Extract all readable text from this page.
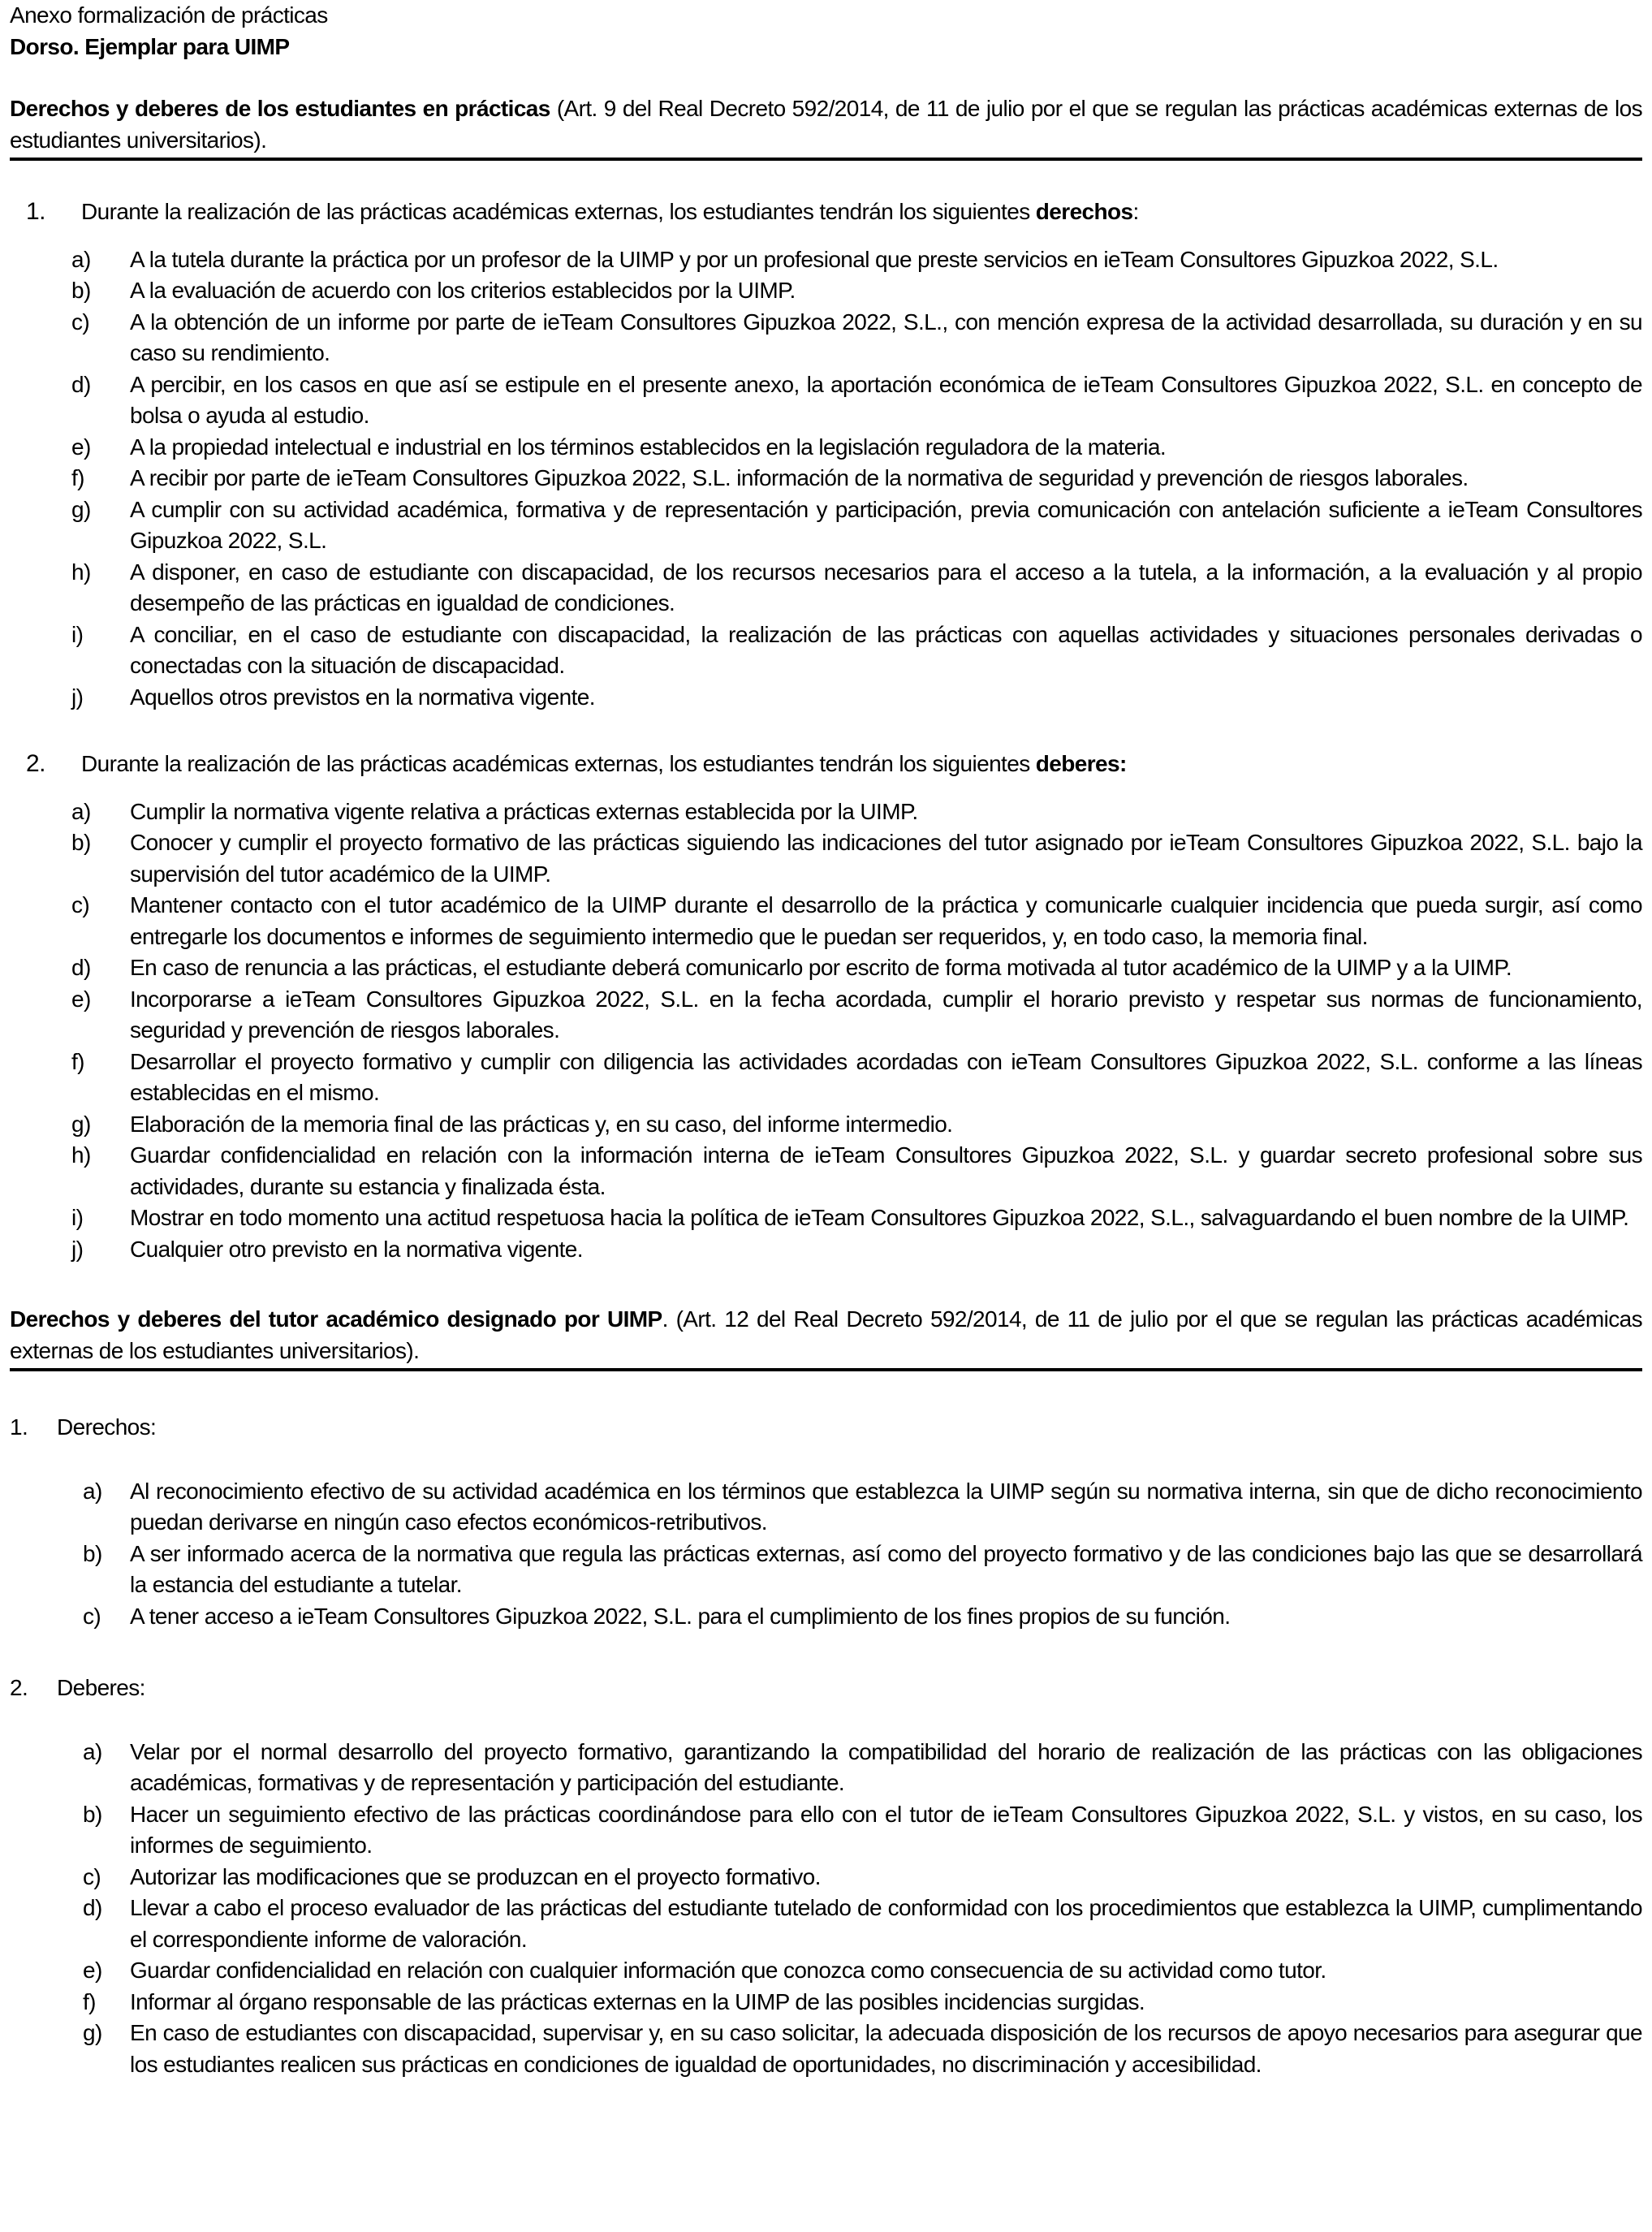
Anexo formalización de prácticas
Dorso. Ejemplar para UIMP
Derechos y deberes de los estudiantes en prácticas (Art. 9 del Real Decreto 592/2014, de 11 de julio por el que se regulan las prácticas académicas externas de los estudiantes universitarios).
1.	Durante la realización de las prácticas académicas externas, los estudiantes tendrán los siguientes derechos:
a)	A la tutela durante la práctica por un profesor de la UIMP y por un profesional que preste servicios en ieTeam Consultores Gipuzkoa 2022, S.L.
b)	A la evaluación de acuerdo con los criterios establecidos por la UIMP.
c)	A la obtención de un informe por parte de ieTeam Consultores Gipuzkoa 2022, S.L., con mención expresa de la actividad desarrollada, su duración y en su caso su rendimiento.
d)	A percibir, en los casos en que así se estipule en el presente anexo, la aportación económica de ieTeam Consultores Gipuzkoa 2022, S.L. en concepto de bolsa o ayuda al estudio.
e)	A la propiedad intelectual e industrial en los términos establecidos en la legislación reguladora de la materia.
f)	A recibir por parte de ieTeam Consultores Gipuzkoa 2022, S.L. información de la normativa de seguridad y prevención de riesgos laborales.
g)	A cumplir con su actividad académica, formativa y de representación y participación, previa comunicación con antelación suficiente a ieTeam Consultores Gipuzkoa 2022, S.L.
h)	A disponer, en caso de estudiante con discapacidad, de los recursos necesarios para el acceso a la tutela, a la información, a la evaluación y al propio desempeño de las prácticas en igualdad de condiciones.
i)	A conciliar, en el caso de estudiante con discapacidad, la realización de las prácticas con aquellas actividades y situaciones personales derivadas o conectadas con la situación de discapacidad.
j)	Aquellos otros previstos en la normativa vigente.
2.	Durante la realización de las prácticas académicas externas, los estudiantes tendrán los siguientes deberes:
a)	Cumplir la normativa vigente relativa a prácticas externas establecida por la UIMP.
b)	Conocer y cumplir el proyecto formativo de las prácticas siguiendo las indicaciones del tutor asignado por ieTeam Consultores Gipuzkoa 2022, S.L. bajo la supervisión del tutor académico de la UIMP.
c)	Mantener contacto con el tutor académico de la UIMP durante el desarrollo de la práctica y comunicarle cualquier incidencia que pueda surgir, así como entregarle los documentos e informes de seguimiento intermedio que le puedan ser requeridos, y, en todo caso, la memoria final.
d)	En caso de renuncia a las prácticas, el estudiante deberá comunicarlo por escrito de forma motivada al tutor académico de la UIMP y a la UIMP.
e)	Incorporarse a ieTeam Consultores Gipuzkoa 2022, S.L. en la fecha acordada, cumplir el horario previsto y respetar sus normas de funcionamiento, seguridad y prevención de riesgos laborales.
f)	Desarrollar el proyecto formativo y cumplir con diligencia las actividades acordadas con ieTeam Consultores Gipuzkoa 2022, S.L. conforme a las líneas establecidas en el mismo.
g)	Elaboración de la memoria final de las prácticas y, en su caso, del informe intermedio.
h)	Guardar confidencialidad en relación con la información interna de ieTeam Consultores Gipuzkoa 2022, S.L. y guardar secreto profesional sobre sus actividades, durante su estancia y finalizada ésta.
i)	Mostrar en todo momento una actitud respetuosa hacia la política de ieTeam Consultores Gipuzkoa 2022, S.L., salvaguardando el buen nombre de la UIMP.
j)	Cualquier otro previsto en la normativa vigente.
Derechos y deberes del tutor académico designado por UIMP. (Art. 12 del Real Decreto 592/2014, de 11 de julio por el que se regulan las prácticas académicas externas de los estudiantes universitarios).
1.	Derechos:
a)	Al reconocimiento efectivo de su actividad académica en los términos que establezca la UIMP según su normativa interna, sin que de dicho reconocimiento puedan derivarse en ningún caso efectos económicos-retributivos.
b)	A ser informado acerca de la normativa que regula las prácticas externas, así como del proyecto formativo y de las condiciones bajo las que se desarrollará la estancia del estudiante a tutelar.
c)	A tener acceso a ieTeam Consultores Gipuzkoa 2022, S.L. para el cumplimiento de los fines propios de su función.
2.	Deberes:
a)	Velar por el normal desarrollo del proyecto formativo, garantizando la compatibilidad del horario de realización de las prácticas con las obligaciones académicas, formativas y de representación y participación del estudiante.
b)	Hacer un seguimiento efectivo de las prácticas coordinándose para ello con el tutor de ieTeam Consultores Gipuzkoa 2022, S.L. y vistos, en su caso, los informes de seguimiento.
c)	Autorizar las modificaciones que se produzcan en el proyecto formativo.
d)	Llevar a cabo el proceso evaluador de las prácticas del estudiante tutelado de conformidad con los procedimientos que establezca la UIMP, cumplimentando el correspondiente informe de valoración.
e)	Guardar confidencialidad en relación con cualquier información que conozca como consecuencia de su actividad como tutor.
f)	Informar al órgano responsable de las prácticas externas en la UIMP de las posibles incidencias surgidas.
g)	En caso de estudiantes con discapacidad, supervisar y, en su caso solicitar, la adecuada disposición de los recursos de apoyo necesarios para asegurar que los estudiantes realicen sus prácticas en condiciones de igualdad de oportunidades, no discriminación y accesibilidad.
